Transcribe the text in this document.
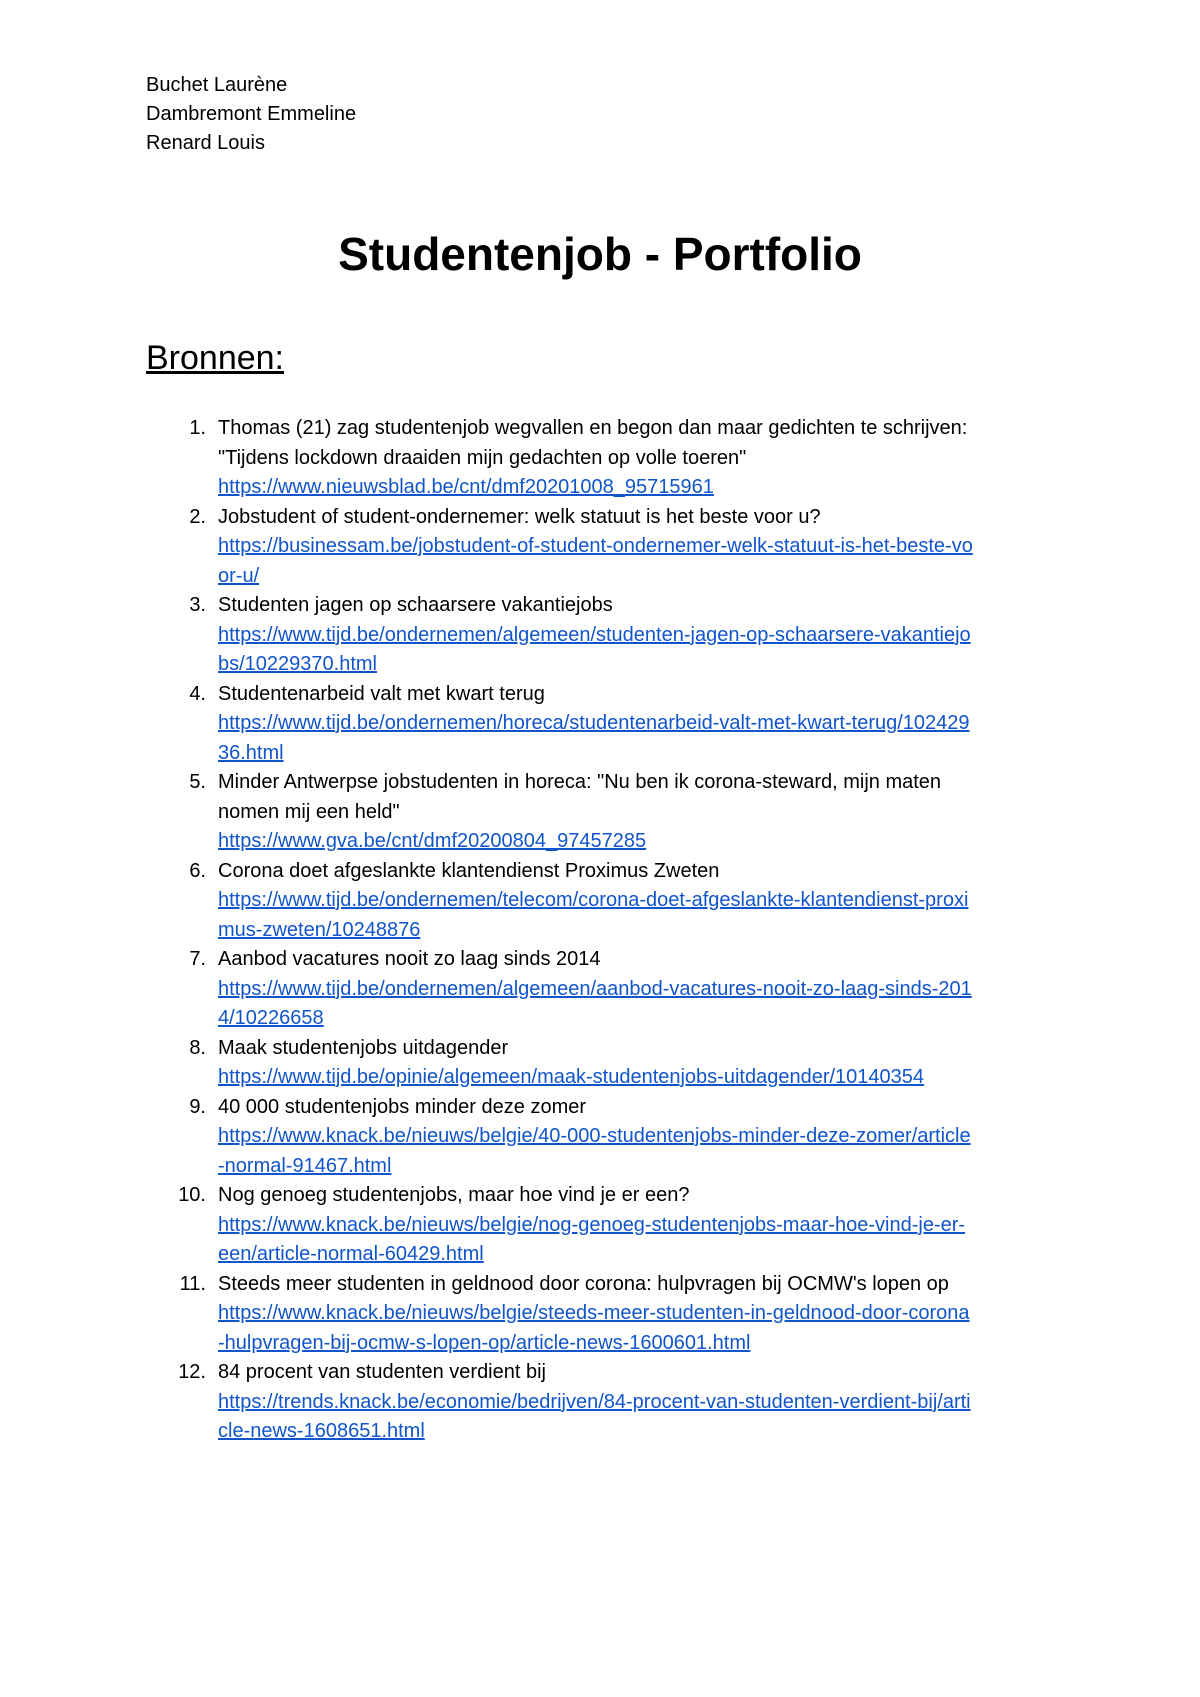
Buchet Laurène
Dambremont Emmeline
Renard Louis
Studentenjob - Portfolio
Bronnen:
1. Thomas (21) zag studentenjob wegvallen en begon dan maar gedichten te schrijven:
"Tijdens lockdown draaiden mijn gedachten op volle toeren"
https://www.nieuwsblad.be/cnt/dmf20201008_95715961
2. Jobstudent of student-ondernemer: welk statuut is het beste voor u?
https://businessam.be/jobstudent-of-student-ondernemer-welk-statuut-is-het-beste-vo
or-u/
3. Studenten jagen op schaarsere vakantiejobs
https://www.tijd.be/ondernemen/algemeen/studenten-jagen-op-schaarsere-vakantiejo
bs/10229370.html
4. Studentenarbeid valt met kwart terug
https://www.tijd.be/ondernemen/horeca/studentenarbeid-valt-met-kwart-terug/102429
36.html
5. Minder Antwerpse jobstudenten in horeca: "Nu ben ik corona-steward, mijn maten
nomen mij een held"
https://www.gva.be/cnt/dmf20200804_97457285
6. Corona doet afgeslankte klantendienst Proximus Zweten
https://www.tijd.be/ondernemen/telecom/corona-doet-afgeslankte-klantendienst-proxi
mus-zweten/10248876
7. Aanbod vacatures nooit zo laag sinds 2014
https://www.tijd.be/ondernemen/algemeen/aanbod-vacatures-nooit-zo-laag-sinds-201
4/10226658
8. Maak studentenjobs uitdagender
https://www.tijd.be/opinie/algemeen/maak-studentenjobs-uitdagender/10140354
9. 40 000 studentenjobs minder deze zomer
https://www.knack.be/nieuws/belgie/40-000-studentenjobs-minder-deze-zomer/article
-normal-91467.html
10. Nog genoeg studentenjobs, maar hoe vind je er een?
https://www.knack.be/nieuws/belgie/nog-genoeg-studentenjobs-maar-hoe-vind-je-er-
een/article-normal-60429.html
11. Steeds meer studenten in geldnood door corona: hulpvragen bij OCMW's lopen op
https://www.knack.be/nieuws/belgie/steeds-meer-studenten-in-geldnood-door-corona
-hulpvragen-bij-ocmw-s-lopen-op/article-news-1600601.html
12. 84 procent van studenten verdient bij
https://trends.knack.be/economie/bedrijven/84-procent-van-studenten-verdient-bij/arti
cle-news-1608651.html
